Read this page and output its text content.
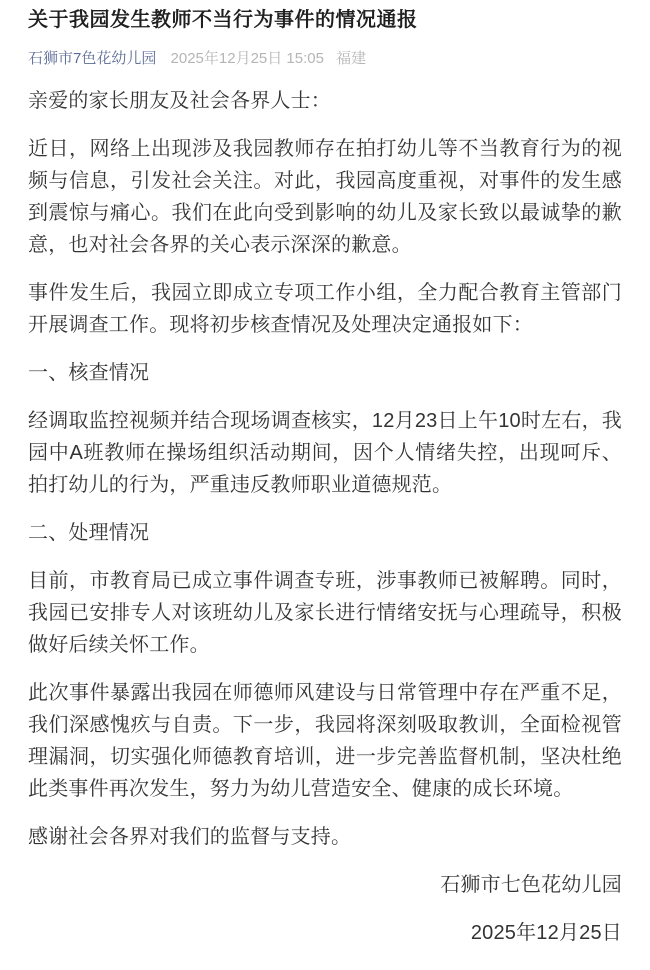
关于我园发生教师不当行为事件的情况通报
石狮市7色花幼儿园 2025年12月25日 15:05 福建

亲爱的家长朋友及社会各界人士：

近日，网络上出现涉及我园教师存在拍打幼儿等不当教育行为的视频与信息，引发社会关注。对此，我园高度重视，对事件的发生感到震惊与痛心。我们在此向受到影响的幼儿及家长致以最诚挚的歉意，也对社会各界的关心表示深深的歉意。

事件发生后，我园立即成立专项工作小组，全力配合教育主管部门开展调查工作。现将初步核查情况及处理决定通报如下：

一、核查情况

经调取监控视频并结合现场调查核实，12月23日上午10时左右，我园中A班教师在操场组织活动期间，因个人情绪失控，出现呵斥、拍打幼儿的行为，严重违反教师职业道德规范。

二、处理情况

目前，市教育局已成立事件调查专班，涉事教师已被解聘。同时，我园已安排专人对该班幼儿及家长进行情绪安抚与心理疏导，积极做好后续关怀工作。

此次事件暴露出我园在师德师风建设与日常管理中存在严重不足，我们深感愧疚与自责。下一步，我园将深刻吸取教训，全面检视管理漏洞，切实强化师德教育培训，进一步完善监督机制，坚决杜绝此类事件再次发生，努力为幼儿营造安全、健康的成长环境。

感谢社会各界对我们的监督与支持。

石狮市七色花幼儿园

2025年12月25日
